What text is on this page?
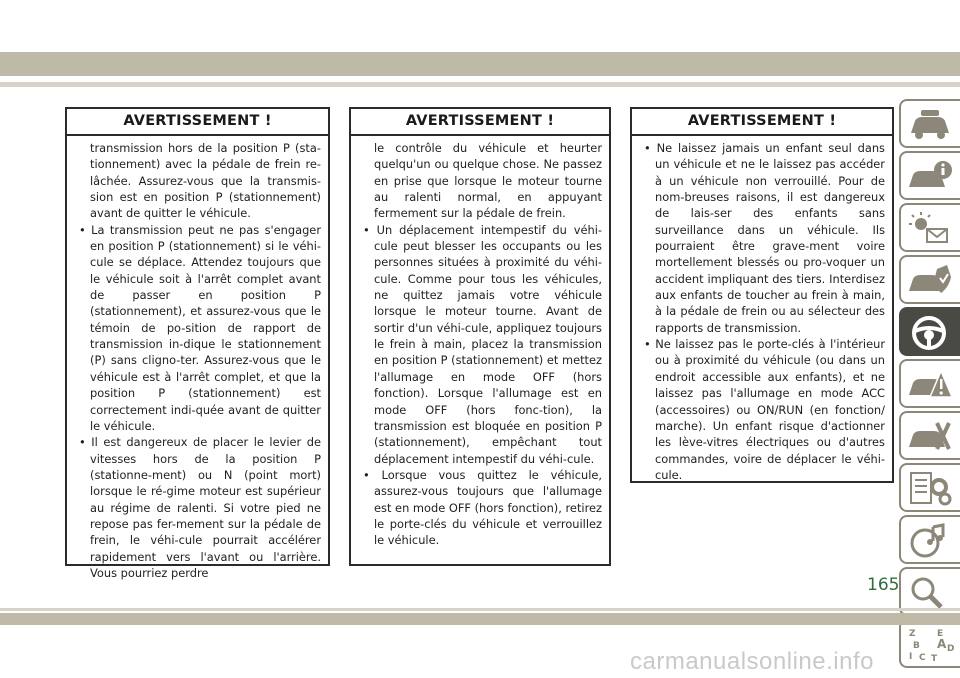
AVERTISSEMENT !

transmission hors de la position P (sta-tionnement) avec la pédale de frein re-lâchée. Assurez-vous que la transmis-sion est en position P (stationnement) avant de quitter le véhicule.

• La transmission peut ne pas s'engager en position P (stationnement) si le véhi-cule se déplace. Attendez toujours que le véhicule soit à l'arrêt complet avant de passer en position P (stationnement), et assurez-vous que le témoin de po-sition de rapport de transmission in-dique le stationnement (P) sans cligno-ter. Assurez-vous que le véhicule est à l'arrêt complet, et que la position P (stationnement) est correctement indi-quée avant de quitter le véhicule.

• Il est dangereux de placer le levier de vitesses hors de la position P (stationne-ment) ou N (point mort) lorsque le ré-gime moteur est supérieur au régime de ralenti. Si votre pied ne repose pas fer-mement sur la pédale de frein, le véhi-cule pourrait accélérer rapidement vers l'avant ou l'arrière. Vous pourriez perdre

AVERTISSEMENT !

le contrôle du véhicule et heurter quelqu'un ou quelque chose. Ne passez en prise que lorsque le moteur tourne au ralenti normal, en appuyant fermement sur la pédale de frein.

• Un déplacement intempestif du véhi-cule peut blesser les occupants ou les personnes situées à proximité du véhi-cule. Comme pour tous les véhicules, ne quittez jamais votre véhicule lorsque le moteur tourne. Avant de sortir d'un véhi-cule, appliquez toujours le frein à main, placez la transmission en position P (stationnement) et mettez l'allumage en mode OFF (hors fonction). Lorsque l'allumage est en mode OFF (hors fonc-tion), la transmission est bloquée en position P (stationnement), empêchant tout déplacement intempestif du véhi-cule.

• Lorsque vous quittez le véhicule, assurez-vous toujours que l'allumage est en mode OFF (hors fonction), retirez le porte-clés du véhicule et verrouillez le véhicule.

AVERTISSEMENT !

• Ne laissez jamais un enfant seul dans un véhicule et ne le laissez pas accéder à un véhicule non verrouillé. Pour de nom-breuses raisons, il est dangereux de lais-ser des enfants sans surveillance dans un véhicule. Ils pourraient être grave-ment voire mortellement blessés ou pro-voquer un accident impliquant des tiers. Interdisez aux enfants de toucher au frein à main, à la pédale de frein ou au sélecteur des rapports de transmission.

• Ne laissez pas le porte-clés à l'intérieur ou à proximité du véhicule (ou dans un endroit accessible aux enfants), et ne laissez pas l'allumage en mode ACC (accessoires) ou ON/RUN (en fonction/ marche). Un enfant risque d'actionner les lève-vitres électriques ou d'autres commandes, voire de déplacer le véhi-cule.

Z E
B A D
I C T
165
carmanualsonline.info
